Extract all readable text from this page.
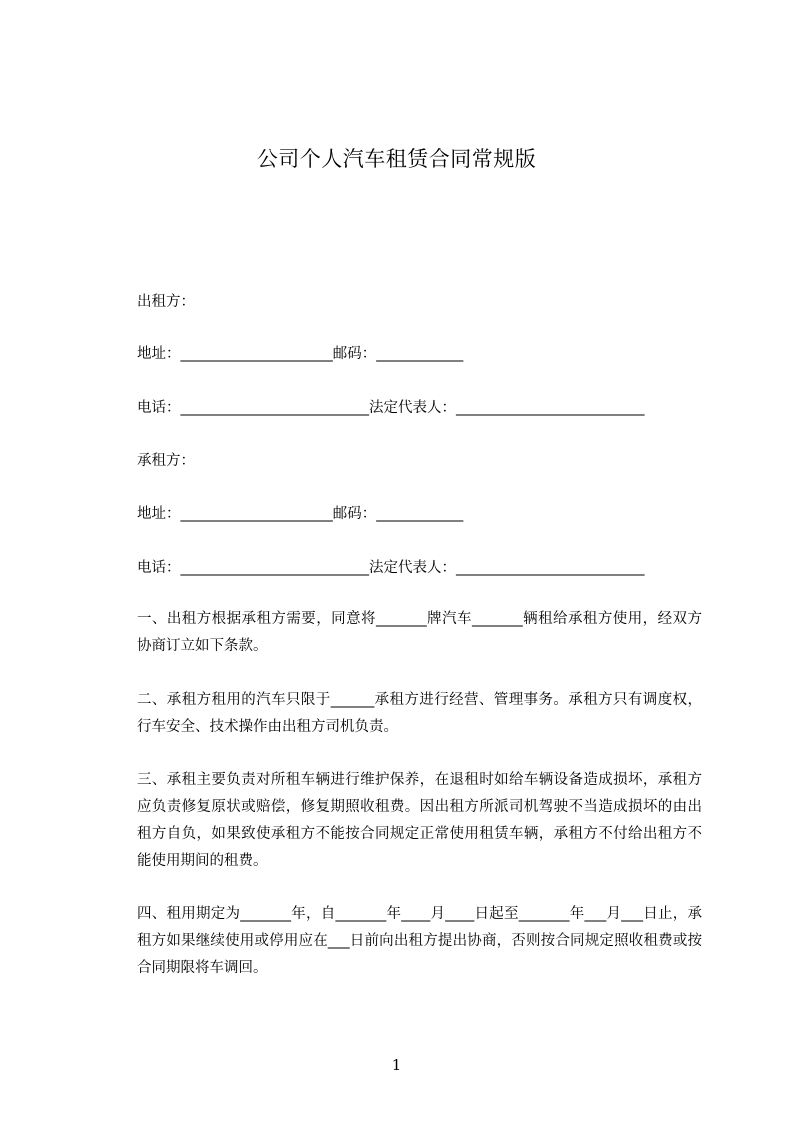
公司个人汽车租赁合同常规版
出租方：
地址：_____________________邮码：____________
电话：__________________________法定代表人：__________________________
承租方：
地址：_____________________邮码：____________
电话：__________________________法定代表人：__________________________
一、出租方根据承租方需要，同意将_______牌汽车_______辆租给承租方使用，经双方协商订立如下条款。
二、承租方租用的汽车只限于______承租方进行经营、管理事务。承租方只有调度权，行车安全、技术操作由出租方司机负责。
三、承租主要负责对所租车辆进行维护保养，在退租时如给车辆设备造成损坏，承租方应负责修复原状或赔偿，修复期照收租费。因出租方所派司机驾驶不当造成损坏的由出租方自负，如果致使承租方不能按合同规定正常使用租赁车辆，承租方不付给出租方不能使用期间的租费。
四、租用期定为_______年，自_______年____月____日起至_______年___月___日止，承租方如果继续使用或停用应在___日前向出租方提出协商，否则按合同规定照收租费或按合同期限将车调回。
1
